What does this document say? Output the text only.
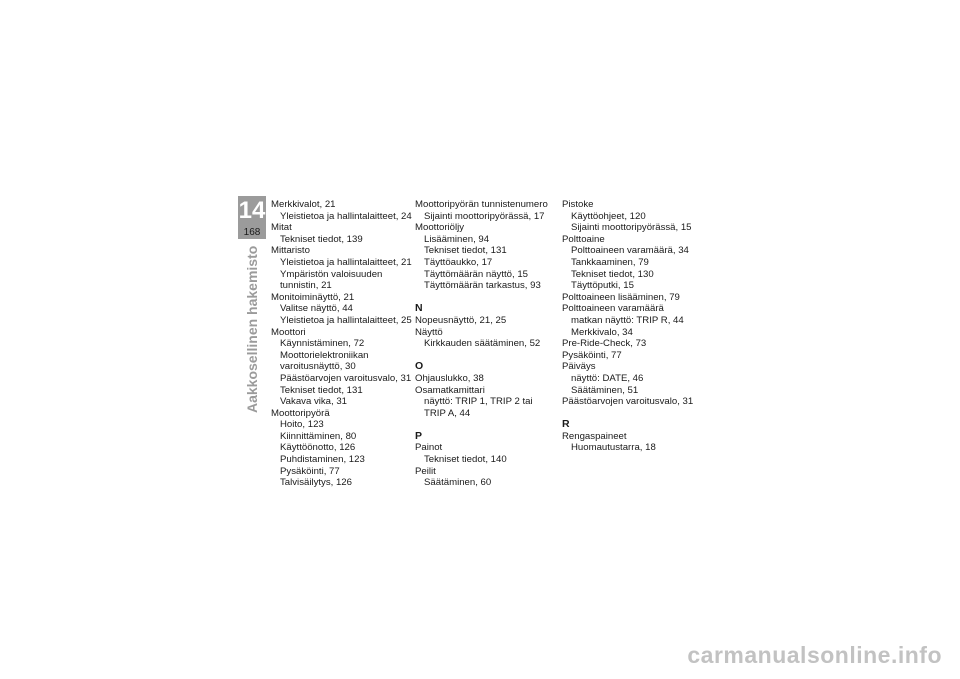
14
168
Aakkosellinen hakemisto
Merkkivalot, 21
Yleistietoa ja hallintalaitteet, 24
Mitat
Tekniset tiedot, 139
Mittaristo
Yleistietoa ja hallintalaitteet, 21
Ympäristön valoisuuden
tunnistin, 21
Monitoiminäyttö, 21
Valitse näyttö, 44
Yleistietoa ja hallintalaitteet, 25
Moottori
Käynnistäminen, 72
Moottorielektroniikan
varoitusnäyttö, 30
Päästöarvojen varoitusvalo, 31
Tekniset tiedot, 131
Vakava vika, 31
Moottoripyörä
Hoito, 123
Kiinnittäminen, 80
Käyttöönotto, 126
Puhdistaminen, 123
Pysäköinti, 77
Talvisäilytys, 126
Moottoripyörän tunnistenumero
Sijainti moottoripyörässä, 17
Moottoriöljy
Lisääminen, 94
Tekniset tiedot, 131
Täyttöaukko, 17
Täyttömäärän näyttö, 15
Täyttömäärän tarkastus, 93
N
Nopeusnäyttö, 21, 25
Näyttö
Kirkkauden säätäminen, 52
O
Ohjauslukko, 38
Osamatkamittari
näyttö: TRIP 1, TRIP 2 tai
TRIP A, 44
P
Painot
Tekniset tiedot, 140
Peilit
Säätäminen, 60
Pistoke
Käyttöohjeet, 120
Sijainti moottoripyörässä, 15
Polttoaine
Polttoaineen varamäärä, 34
Tankkaaminen, 79
Tekniset tiedot, 130
Täyttöputki, 15
Polttoaineen lisääminen, 79
Polttoaineen varamäärä
matkan näyttö: TRIP R, 44
Merkkivalo, 34
Pre-Ride-Check, 73
Pysäköinti, 77
Päiväys
näyttö: DATE, 46
Säätäminen, 51
Päästöarvojen varoitusvalo, 31
R
Rengaspaineet
Huomautustarra, 18
carmanualsonline.info
